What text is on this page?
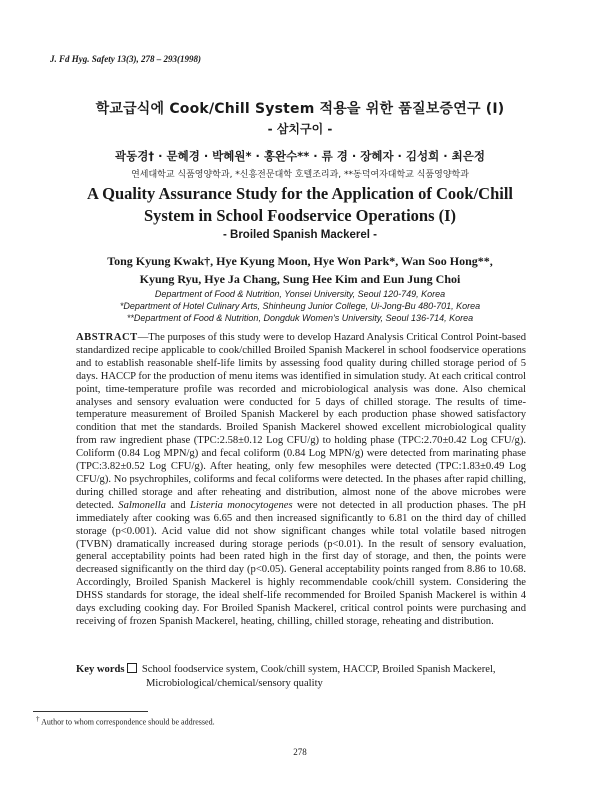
J. Fd Hyg. Safety 13(3), 278 – 293(1998)
학교급식에 Cook/Chill System 적용을 위한 품질보증연구 (I)
- 삼치구이 -
곽동경† · 문혜경 · 박혜원* · 홍완수** · 류 경 · 장혜자 · 김성희 · 최은정
연세대학교 식품영양학과, *신흥전문대학 호텔조리과, **동덕여자대학교 식품영양학과
A Quality Assurance Study for the Application of Cook/Chill
System in School Foodservice Operations (I)
- Broiled Spanish Mackerel -
Tong Kyung Kwak†, Hye Kyung Moon, Hye Won Park*, Wan Soo Hong**,
Kyung Ryu, Hye Ja Chang, Sung Hee Kim and Eun Jung Choi
Department of Food & Nutrition, Yonsei University, Seoul 120-749, Korea
*Department of Hotel Culinary Arts, Shinheung Junior College, Ui-Jong-Bu 480-701, Korea
**Department of Food & Nutrition, Dongduk Women's University, Seoul 136-714, Korea
ABSTRACT—The purposes of this study were to develop Hazard Analysis Critical Control Point-based standardized recipe applicable to cook/chilled Broiled Spanish Mackerel in school foodservice operations and to establish reasonable shelf-life limits by assessing food quality during chilled storage period of 5 days. HACCP for the production of menu items was identified in simulation study. At each critical control point, time-temperature profile was recorded and microbiological analysis was done. Also chemical analyses and sensory evaluation were conducted for 5 days of chilled storage. The results of time-temperature measurement of Broiled Spanish Mackerel by each production phase showed satisfactory condition that met the standards. Broiled Spanish Mackerel showed excellent microbiological quality from raw ingredient phase (TPC:2.58±0.12 Log CFU/g) to holding phase (TPC:2.70±0.42 Log CFU/g). Coliform (0.84 Log MPN/g) and fecal coliform (0.84 Log MPN/g) were detected from marinating phase (TPC:3.82±0.52 Log CFU/g). After heating, only few mesophiles were detected (TPC:1.83±0.49 Log CFU/g). No psychrophiles, coliforms and fecal coliforms were detected. In the phases after rapid chilling, during chilled storage and after reheating and distribution, almost none of the above microbes were detected. Salmonella and Listeria monocytogenes were not detected in all production phases. The pH immediately after cooking was 6.65 and then increased significantly to 6.81 on the third day of chilled storage (p<0.001). Acid value did not show significant changes while total volatile based nitrogen (TVBN) dramatically increased during storage periods (p<0.01). In the result of sensory evaluation, general acceptability points had been rated high in the first day of storage, and then, the points were decreased significantly on the third day (p<0.05). General acceptability points ranged from 8.86 to 10.68. Accordingly, Broiled Spanish Mackerel is highly recommendable cook/chill system. Considering the DHSS standards for storage, the ideal shelf-life recommended for Broiled Spanish Mackerel is within 4 days excluding cooking day. For Broiled Spanish Mackerel, critical control points were purchasing and receiving of frozen Spanish Mackerel, heating, chilling, chilled storage, reheating and distribution.
Key words School foodservice system, Cook/chill system, HACCP, Broiled Spanish Mackerel,
Microbiological/chemical/sensory quality
† Author to whom correspondence should be addressed.
278
